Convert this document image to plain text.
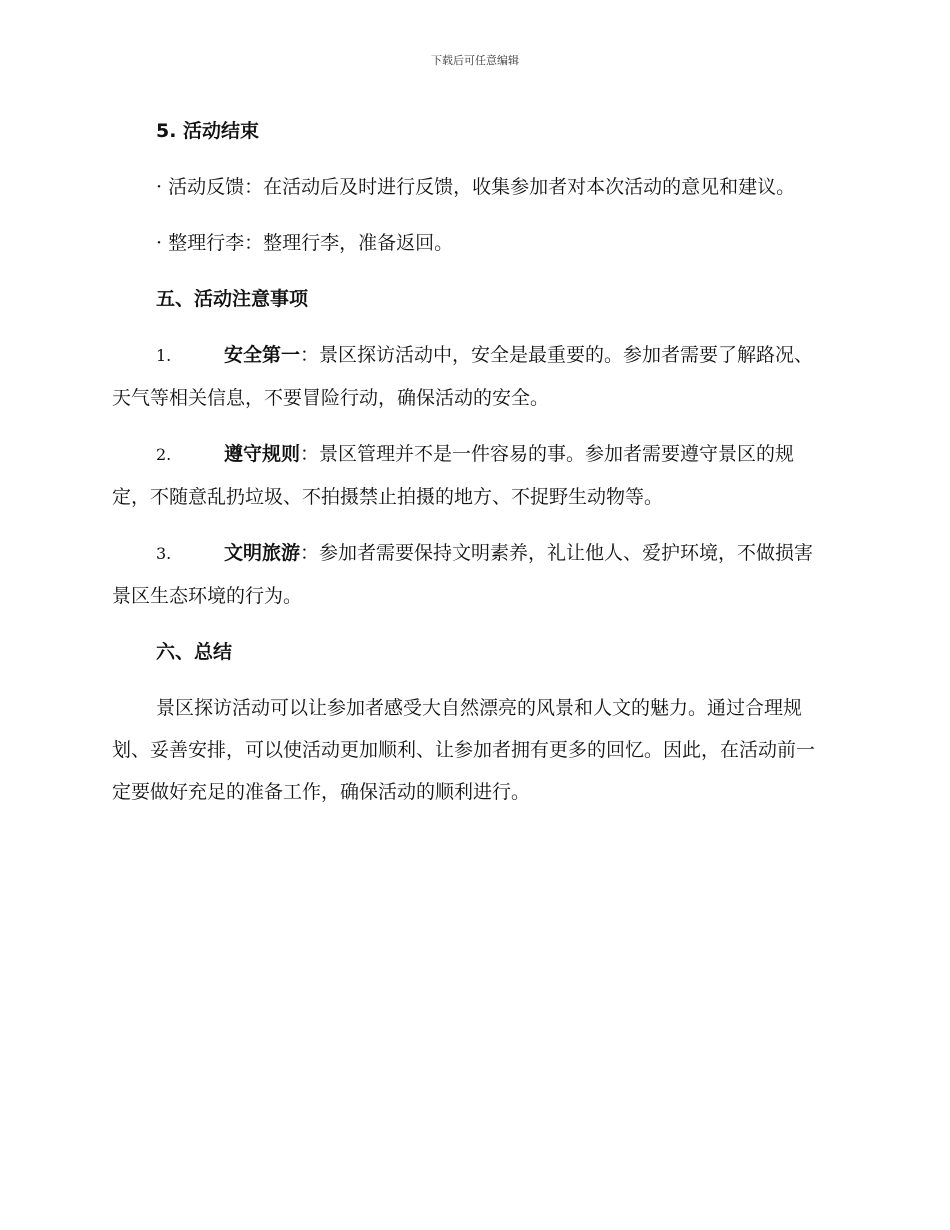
下载后可任意编辑

5. 活动结束

· 活动反馈：在活动后及时进行反馈，收集参加者对本次活动的意见和建议。

· 整理行李：整理行李，准备返回。

五、活动注意事项

1.	安全第一：景区探访活动中，安全是最重要的。参加者需要了解路况、天气等相关信息，不要冒险行动，确保活动的安全。

2.	遵守规则：景区管理并不是一件容易的事。参加者需要遵守景区的规定，不随意乱扔垃圾、不拍摄禁止拍摄的地方、不捉野生动物等。

3.	文明旅游：参加者需要保持文明素养，礼让他人、爱护环境，不做损害景区生态环境的行为。

六、总结

景区探访活动可以让参加者感受大自然漂亮的风景和人文的魅力。通过合理规划、妥善安排，可以使活动更加顺利、让参加者拥有更多的回忆。因此，在活动前一定要做好充足的准备工作，确保活动的顺利进行。
